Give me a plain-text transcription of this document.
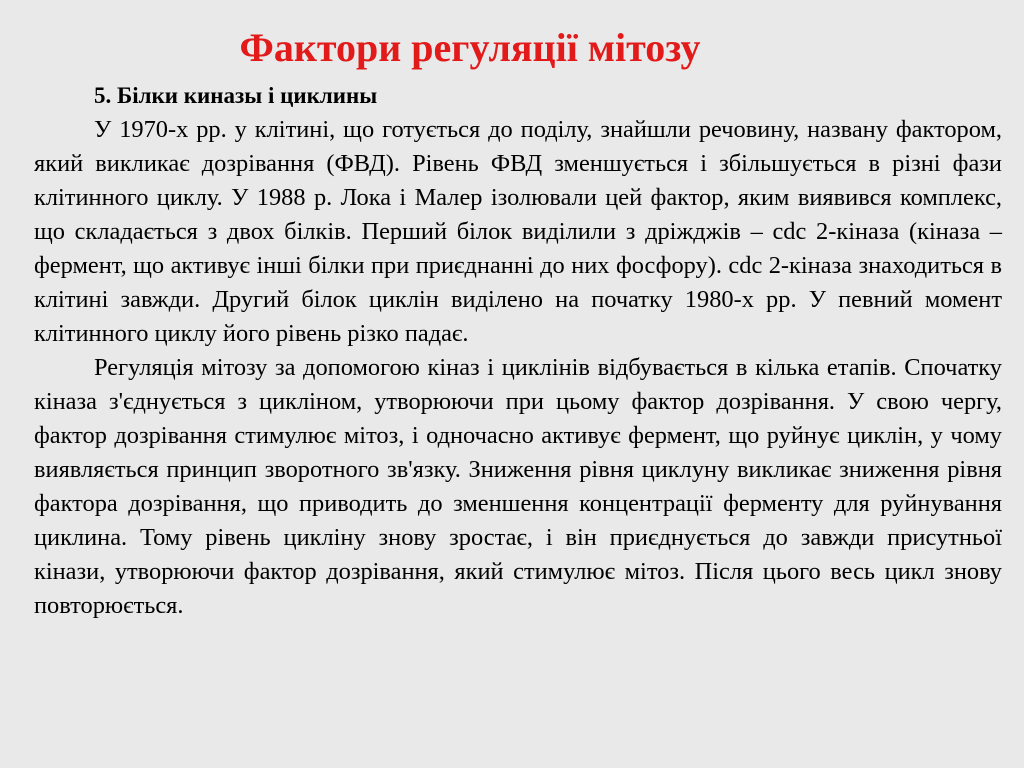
Фактори регуляції мітозу

5. Білки киназы і циклины

У 1970-х рр. у клітині, що готується до поділу, знайшли речовину, названу фактором, який викликає дозрівання (ФВД). Рівень ФВД зменшується і збільшується в різні фази клітинного циклу. У 1988 р. Лока і Малер ізолювали цей фактор, яким виявився комплекс, що складається з двох білків. Перший білок виділили з дріжджів – cdc 2-кіназа (кіназа – фермент, що активує інші білки при приєднанні до них фосфору). cdc 2-кіназа знаходиться в клітині завжди. Другий білок циклін виділено на початку 1980-х рр. У певний момент клітинного циклу його рівень різко падає.

Регуляція мітозу за допомогою кіназ і циклінів відбувається в кілька етапів. Спочатку кіназа з'єднується з цикліном, утворюючи при цьому фактор дозрівання. У свою чергу, фактор дозрівання стимулює мітоз, і одночасно активує фермент, що руйнує циклін, у чому виявляється принцип зворотного зв'язку. Зниження рівня циклуну викликає зниження рівня фактора дозрівання, що приводить до зменшення концентрації ферменту для руйнування циклина. Тому рівень цикліну знову зростає, і він приєднується до завжди присутньої кінази, утворюючи фактор дозрівання, який стимулює мітоз. Після цього весь цикл знову повторюється.
